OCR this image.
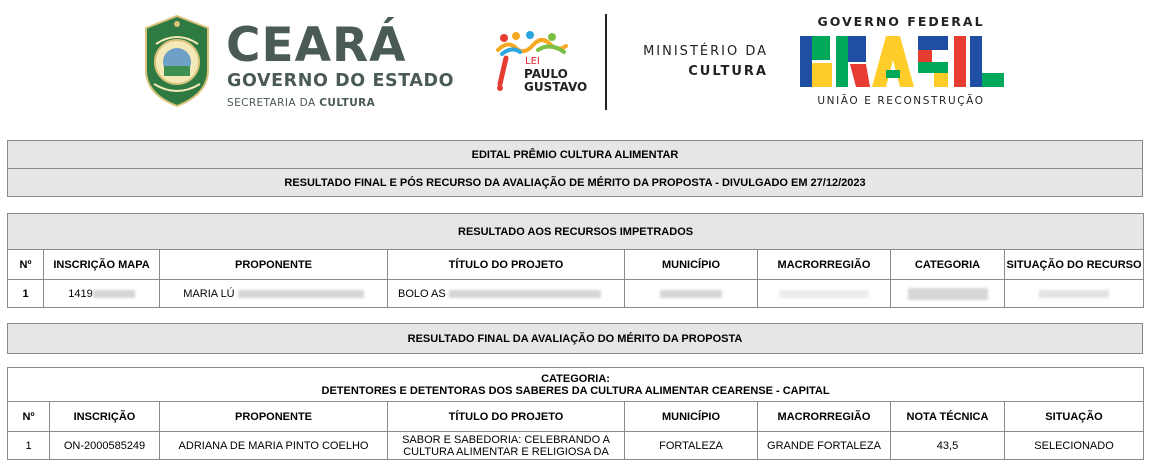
CEARÁ
GOVERNO DO ESTADO
SECRETARIA DA CULTURA
LEI
PAULO
GUSTAVO
MINISTÉRIO DA
CULTURA
GOVERNO FEDERAL
UNIÃO E RECONSTRUÇÃO
EDITAL PRÊMIO CULTURA ALIMENTAR
RESULTADO FINAL E PÓS RECURSO DA AVALIAÇÃO DE MÉRITO DA PROPOSTA - DIVULGADO EM 27/12/2023
RESULTADO AOS RECURSOS IMPETRADOS							
Nº	INSCRIÇÃO MAPA	PROPONENTE	TÍTULO DO PROJETO	MUNICÍPIO	MACRORREGIÃO	CATEGORIA	SITUAÇÃO DO RECURSO
1	1419	MARIA LÚ	BOLO AS				
RESULTADO FINAL DA AVALIAÇÃO DO MÉRITO DA PROPOSTA
CATEGORIA:
DETENTORES E DETENTORAS DOS SABERES DA CULTURA ALIMENTAR CEARENSE - CAPITAL							

Nº	INSCRIÇÃO	PROPONENTE	TÍTULO DO PROJETO	MUNICÍPIO	MACRORREGIÃO	NOTA TÉCNICA	SITUAÇÃO
1	ON-2000585249	ADRIANA DE MARIA PINTO COELHO	SABOR E SABEDORIA: CELEBRANDO A CULTURA ALIMENTAR E RELIGIOSA DA	FORTALEZA	GRANDE FORTALEZA	43,5	SELECIONADO
